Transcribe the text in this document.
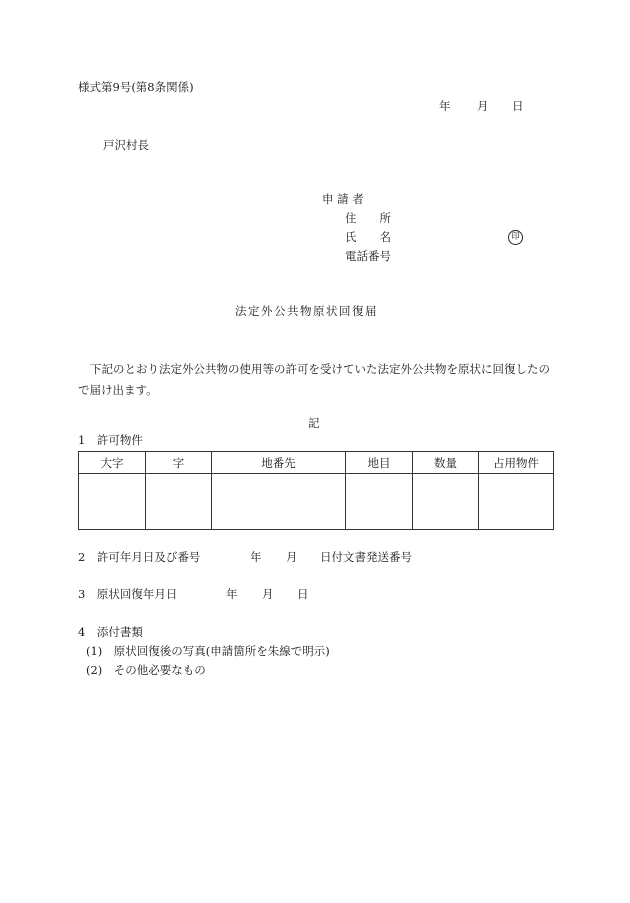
様式第9号(第8条関係)
年 月 日
戸沢村長
申 請 者
住　　所
氏　　名	印
電話番号
法定外公共物原状回復届
下記のとおり法定外公共物の使用等の許可を受けていた法定外公共物を原状に回復したので届け出ます。
記
1　許可物件
大字	字	地番先	地目	数量	占用物件

2　許可年月日及び番号	年 月 日付文書発送番号
3　原状回復年月日	年 月 日
4　添付書類
(1)　原状回復後の写真(申請箇所を朱線で明示)
(2)　その他必要なもの
